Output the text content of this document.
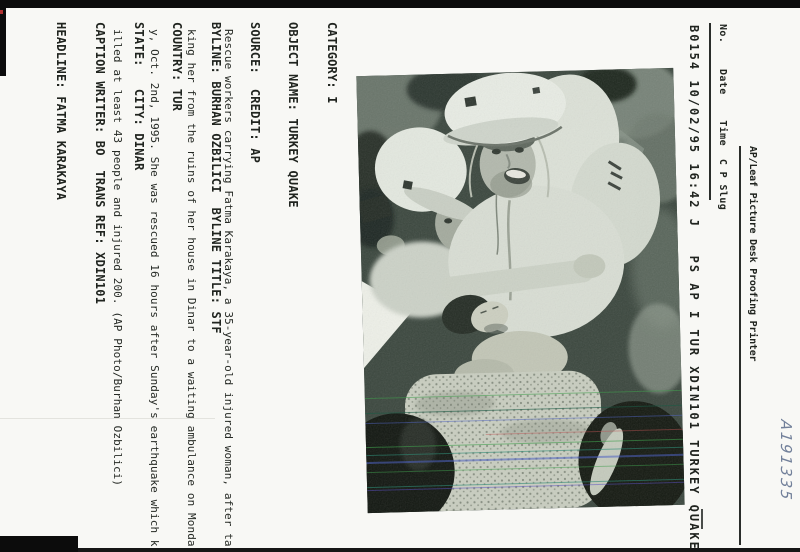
AP/Leaf Picture Desk Proofing Printer
No.    Date    Time  C P Slug
B0154 10/02/95 16:42 J   PS AP I TUR XDIN101 TURKEY QUAKE	A191335

CATEGORY: I

OBJECT NAME: TURKEY QUAKE

SOURCE:  CREDIT: AP

BYLINE: BURHAN OZBILICI  BYLINE TITLE: STF

COUNTRY: TUR

STATE:   CITY: DINAR

CAPTION WRITER: BO  TRANS REF: XDIN101

HEADLINE: FATMA KARAKAYA

	Rescue workers carrying Fatma Karakaya, a 35-year-old injured woman, after ta

king her from the ruins of her house in Dinar to a waiting ambulance on Monda

y, Oct. 2nd, 1995. She was rescued 16 hours after Sunday's earthquake which k

illed at least 43 people and injured 200. (AP Photo/Burhan Ozbilici)
